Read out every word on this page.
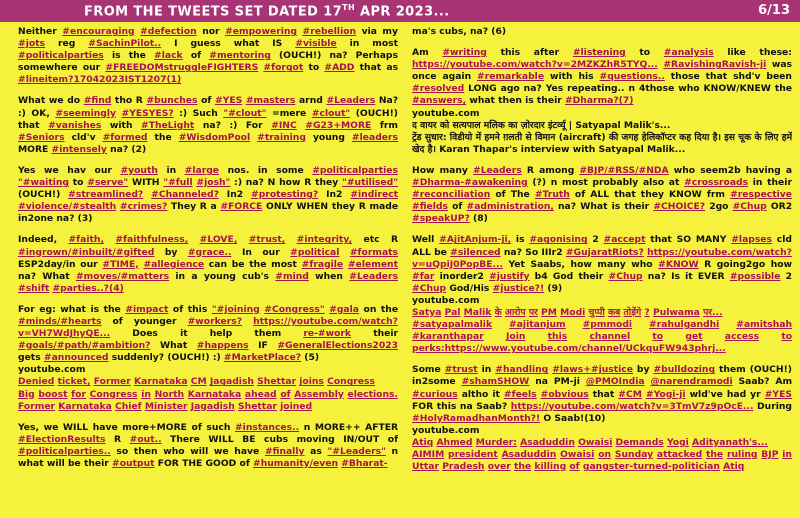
FROM THE TWEETS SET DATED 17TH APR 2023...	6/13
Neither #encouraging #defection nor #empowering #rebellion via my #jots reg #SachinPilot.. I guess what IS #visible in most #politicalparties is the #lack of #mentoring (OUCH!) na? Perhaps somewhere our #FREEDOMstruggleFIGHTERS #forgot to #ADD that as #lineitem?17042023IST1207(1)
What we do #find tho R #bunches of #YES #masters arnd #Leaders Na? :) OK, #seemingly #YESYES? :) Such "#clout" =mere #clout" (OUCH!) that #vanishes with #TheLight na? :) For #INC #G23+MORE frm #Seniors cld'v #formed the #WisdomPool #training young #leaders MORE #intensely na? (2)
Yes we hav our #youth in #large nos. in some #politicalparties "#waiting to #serve" WITH "#full #josh" :) na? N how R they "#utilised" (OUCH!) #streamlined? #Channeled? In2 #protesting? In2 #indirect #violence/#stealth #crimes? They R a #FORCE ONLY WHEN they R made in2one na? (3)
Indeed, #faith, #faithfulness, #LOVE, #trust, #integrity, etc R #ingrown/#inbuilt/#gifted by #grace.. In our #political #formats ESP2day/in our #TIME, #allegience can be the most #fragile #element na? What #moves/#matters in a young cub's #mind when #Leaders #shift #parties..?(4)
For eg: what is the #impact of this "#joining #Congress" #gala on the #minds/#hearts of younger #workers? https://youtube.com/watch?v=VH7WdJhyQE... Does it help them re-#work their #goals/#path/#ambition? What #happens IF #GeneralElections2023 gets #announced suddenly? (OUCH!) :) #MarketPlace? (5)
youtube.com
Denied ticket, Former Karnataka CM Jagadish Shettar joins Congress
Big boost for Congress in North Karnataka ahead of Assembly elections. Former Karnataka Chief Minister Jagadish Shettar joined
Yes, we WILL have more+MORE of such #instances.. n MORE++ AFTER #ElectionResults R #out.. There WILL BE cubs moving IN/OUT of #politicalparties.. so then who will we have #finally as "#Leaders" n what will be their #output FOR THE GOOD of #humanity/even #Bharat-
ma's cubs, na? (6)
Am #writing this after #listening to #analysis like these: https://youtube.com/watch?v=2MZKZhR5TYQ... #RavishingRavish-ji was once again #remarkable with his #questions.. those that shd'v been #resolved LONG ago na? Yes repeating.. n 4those who KNOW/KNEW the #answers, what then is their #Dharma?(7)
youtube.com
द वायर को सत्यपाल मलिक का ज़ोरदार इंटर्व्यू | Satyapal Malik's...
ट्रेंड सुधार: विडीयो में हमने ग़लती से विमान (aircraft) की जगह हेलिकॉप्टर कह दिया है। इस चूक के लिए हमें खेद है। Karan Thapar's interview with Satyapal Malik...
How many #Leaders R among #BJP/#RSS/#NDA who seem2b having a #Dharma-#awakening (?) n most probably also at #crossroads in their #reconciliation of The #Truth of ALL that they KNOW frm #respective #fields of #administration, na? What is their #CHOICE? 2go #Chup OR2 #speakUP? (8)
Well #AjitAnjum-ji, is #agonising 2 #accept that SO MANY #lapses cld ALL be #silenced na? So IIIr2 #GujaratRiots? https://youtube.com/watch?v=uQpiJ0PopBE... Yet Saabs, how many who #KNOW R going2go how #far inorder2 #justify b4 God their #Chup na? Is it EVER #possible 2 #Chup God/His #justice?! (9)
youtube.com
Satya Pal Malik के आरोप पर PM Modi चुप्पी कब तोड़ेंगे ? Pulwama पर...
#satyapalmalik #ajitanjum #pmmodi #rahulgandhi #amitshah #karanthapar Join this channel to get access to perks:https://www.youtube.com/channel/UCkquFW943phrj...
Some #trust in #handling #laws+#justice by #bulldozing them (OUCH!) in2some #shamSHOW na PM-ji @PMOIndia @narendramodi Saab? Am #curious altho it #feels #obvious that #CM #Yogi-ji wld've had yr #YES FOR this na Saab? https://youtube.com/watch?v=3TmV7z9pOcE... During #HolyRamadhanMonth?! O Saab!(10)
youtube.com
Atiq Ahmed Murder: Asaduddin Owaisi Demands Yogi Adityanath's...
AIMIM president Asaduddin Owaisi on Sunday attacked the ruling BJP in Uttar Pradesh over the killing of gangster-turned-politician Atiq
